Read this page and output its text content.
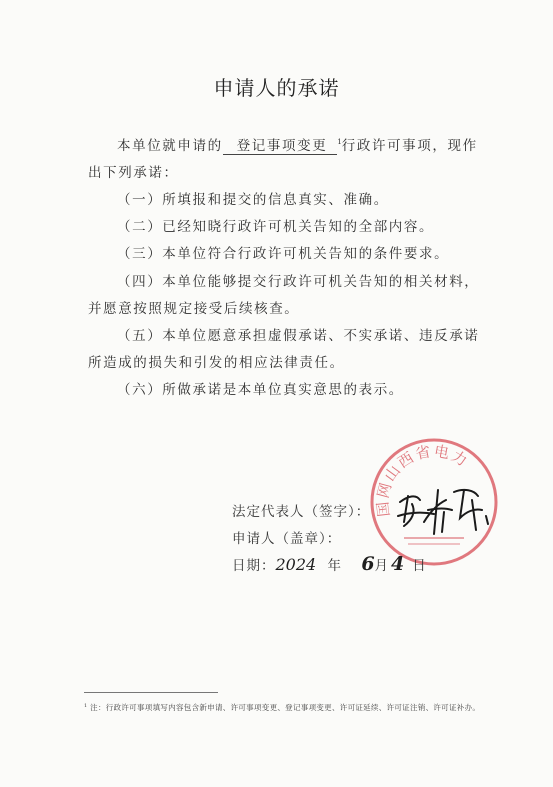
申请人的承诺
本单位就申请的 登记事项变更 $^1$行政许可事项，现作
出下列承诺：
（一）所填报和提交的信息真实、准确。
（二）已经知晓行政许可机关告知的全部内容。
（三）本单位符合行政许可机关告知的条件要求。
（四）本单位能够提交行政许可机关告知的相关材料，
并愿意按照规定接受后续核查。
（五）本单位愿意承担虚假承诺、不实承诺、违反承诺
所造成的损失和引发的相应法律责任。
（六）所做承诺是本单位真实意思的表示。
国网山西省电力
法定代表人（签字）：
申请人（盖章）：
日期：2024 年 6月 4 日
$^1$ 注：行政许可事项填写内容包含新申请、许可事项变更、登记事项变更、许可证延续、许可证注销、许可证补办。
